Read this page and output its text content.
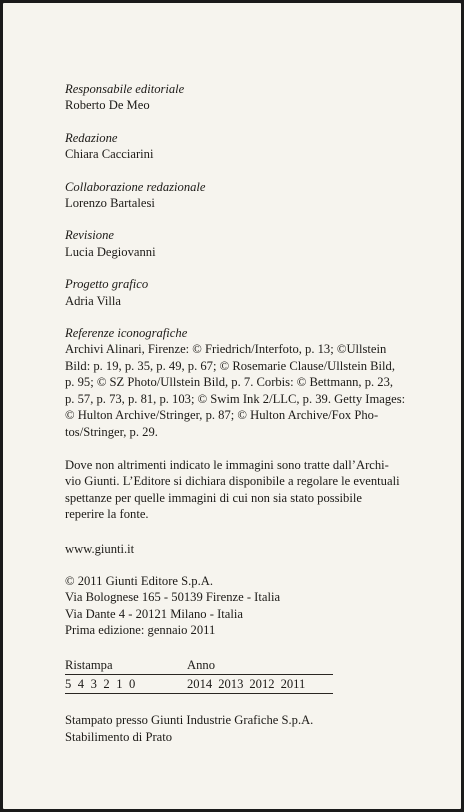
Responsabile editoriale

Roberto De Meo

Redazione

Chiara Cacciarini

Collaborazione redazionale

Lorenzo Bartalesi

Revisione

Lucia Degiovanni

Progetto grafico

Adria Villa

Referenze iconografiche

Archivi Alinari, Firenze: © Friedrich/Interfoto, p. 13; ©Ullstein

Bild: p. 19, p. 35, p. 49, p. 67; © Rosemarie Clause/Ullstein Bild,

p. 95; © SZ Photo/Ullstein Bild, p. 7. Corbis: © Bettmann, p. 23,

p. 57, p. 73, p. 81, p. 103; © Swim Ink 2/LLC, p. 39. Getty Images:

© Hulton Archive/Stringer, p. 87; © Hulton Archive/Fox Pho-

tos/Stringer, p. 29.

Dove non altrimenti indicato le immagini sono tratte dall’Archi-

vio Giunti. L’Editore si dichiara disponibile a regolare le eventuali

spettanze per quelle immagini di cui non sia stato possibile

reperire la fonte.

www.giunti.it

© 2011 Giunti Editore S.p.A.

Via Bolognese 165 - 50139 Firenze - Italia

Via Dante 4 - 20121 Milano - Italia

Prima edizione: gennaio 2011

Ristampa	Anno
5 4 3 2 1 0	2014 2013 2012 2011

Stampato presso Giunti Industrie Grafiche S.p.A.

Stabilimento di Prato
